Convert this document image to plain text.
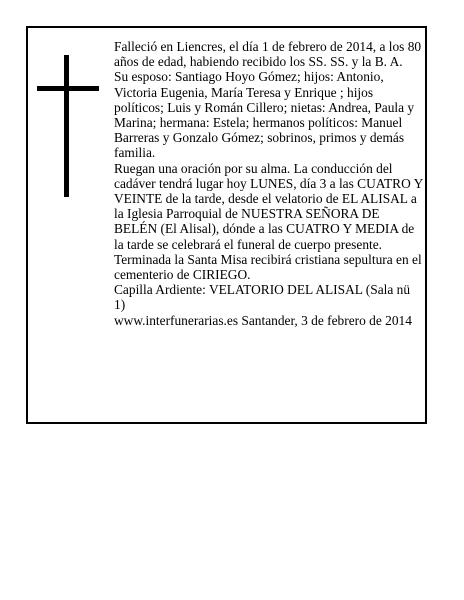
Falleció en Liencres, el día 1 de febrero de 2014, a los 80 años de edad, habiendo recibido los SS. SS. y la B. A.

Su esposo: Santiago Hoyo Gómez; hijos: Antonio, Victoria Eugenia, María Teresa y Enrique ; hijos políticos; Luis y Román Cillero; nietas: Andrea, Paula y Marina; hermana: Estela; hermanos políticos: Manuel Barreras y Gonzalo Gómez; sobrinos, primos y demás familia.

Ruegan una oración por su alma. La conducción del cadáver tendrá lugar hoy LUNES, día 3 a las CUATRO Y VEINTE de la tarde, desde el velatorio de EL ALISAL a la Iglesia Parroquial de NUESTRA SEÑORA DE BELÉN (El Alisal), dónde a las CUATRO Y MEDIA de la tarde se celebrará el funeral de cuerpo presente. Terminada la Santa Misa recibirá cristiana sepultura en el cementerio de CIRIEGO.

Capilla Ardiente: VELATORIO DEL ALISAL (Sala nü 1)

www.interfunerarias.es Santander, 3 de febrero de 2014
